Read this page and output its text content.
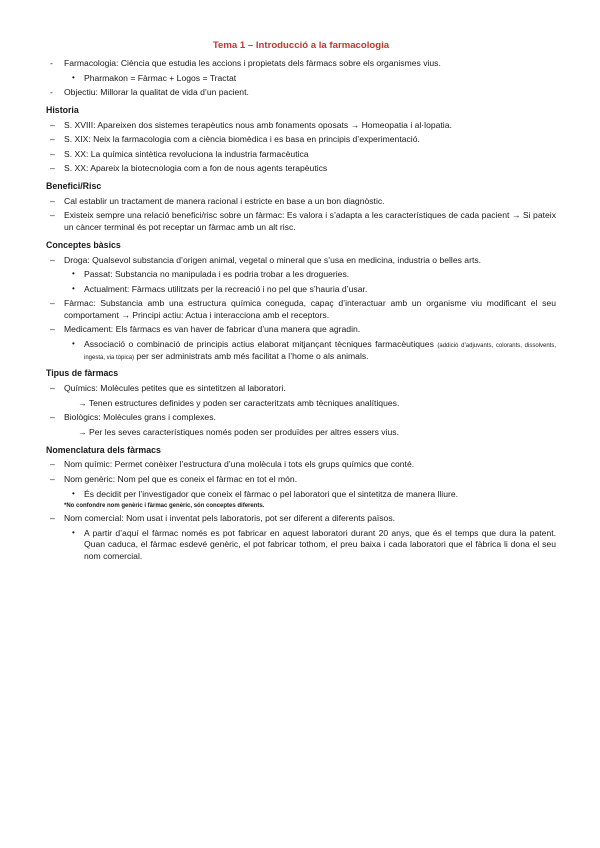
Tema 1 – Introducció a la farmacologia
- Farmacologia: Ciència que estudia les accions i propietats dels fàrmacs sobre els organismes vius.
• Pharmakon = Fàrmac + Logos = Tractat
- Objectiu: Millorar la qualitat de vida d’un pacient.
Historia
– S. XVIII: Apareixen dos sistemes terapèutics nous amb fonaments oposats → Homeopatia i al·lopatia.
– S. XIX: Neix la farmacologia com a ciència biomèdica i es basa en principis d’experimentació.
– S. XX: La química sintètica revoluciona la industria farmacèutica
– S. XX: Apareix la biotecnologia com a fon de nous agents terapèutics
Benefici/Risc
– Cal establir un tractament de manera racional i estricte en base a un bon diagnòstic.
– Existeix sempre una relació benefici/risc sobre un fàrmac: Es valora i s’adapta a les característiques de cada pacient → Si pateix un càncer terminal és pot receptar un fàrmac amb un alt risc.
Conceptes bàsics
– Droga: Qualsevol substancia d’origen animal, vegetal o mineral que s’usa en medicina, industria o belles arts.
• Passat: Substancia no manipulada i es podria trobar a les drogueries.
• Actualment: Fàrmacs utilitzats per la recreació i no pel que s’hauria d’usar.
– Fàrmac: Substancia amb una estructura química coneguda, capaç d’interactuar amb un organisme viu modificant el seu comportament → Principi actiu: Actua i interacciona amb el receptors.
– Medicament: Els fàrmacs es van haver de fabricar d’una manera que agradin.
• Associació o combinació de principis actius elaborat mitjançant tècniques farmacèutiques (addició d’adjuvants, colorants, dissolvents, ingesta, via tòpica) per ser administrats amb més facilitat a l’home o als animals.
Tipus de fàrmacs
– Químics: Molècules petites que es sintetitzen al laboratori.
→ Tenen estructures definides y poden ser caracteritzats amb tècniques analítiques.
– Biològics: Molècules grans i complexes.
→ Per les seves característiques només poden ser produïdes per altres essers vius.
Nomenclatura dels fàrmacs
– Nom químic: Permet conèixer l’estructura d’una molècula i tots els grups químics que conté.
– Nom genèric: Nom pel que es coneix el fàrmac en tot el món.
• És decidit per l’investigador que coneix el fàrmac o pel laboratori que el sintetitza de manera lliure.
*No confondre nom genèric i fàrmac genèric, són conceptes diferents.
– Nom comercial: Nom usat i inventat pels laboratoris, pot ser diferent a diferents països.
• A partir d’aquí el fàrmac només es pot fabricar en aquest laboratori durant 20 anys, que és el temps que dura la patent. Quan caduca, el fàrmac esdevé genèric, el pot fabricar tothom, el preu baixa i cada laboratori que el fàbrica li dona el seu nom comercial.
